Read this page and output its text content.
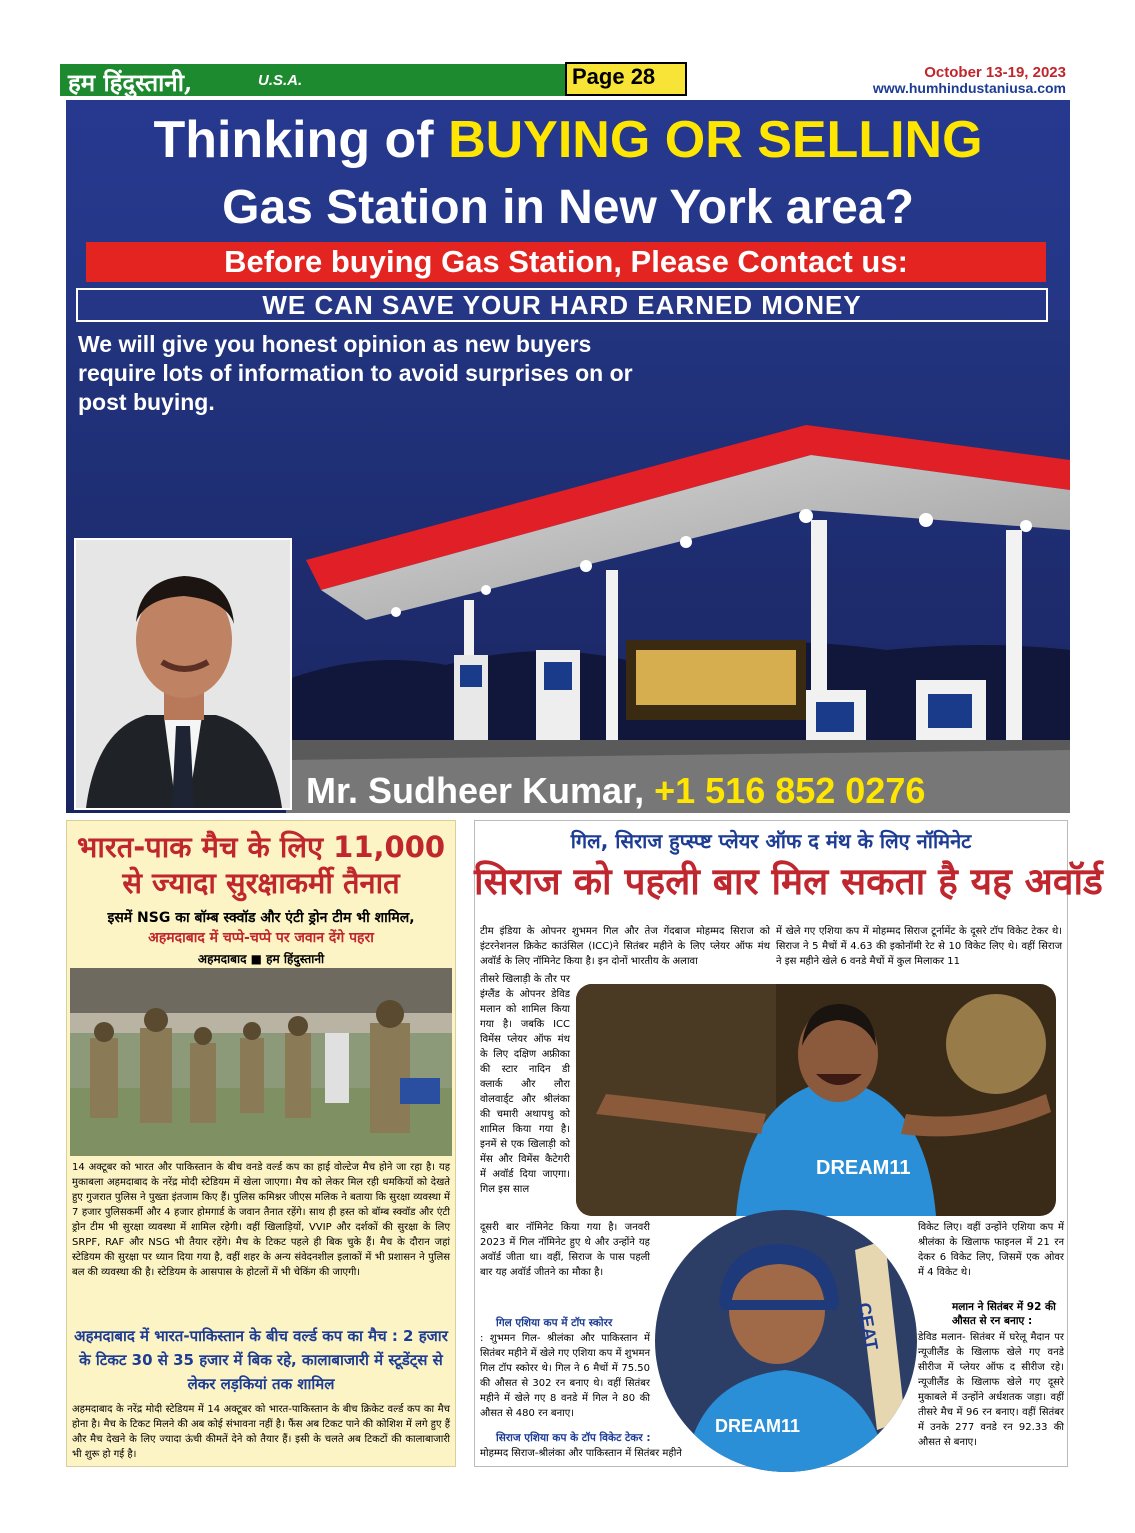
हम हिंदुस्तानी,	U.S.A.	Page 28	October 13-19, 2023
www.humhindustaniusa.com
Thinking of BUYING OR SELLING
Gas Station in New York area?
Before buying Gas Station, Please Contact us:
WE CAN SAVE YOUR HARD EARNED MONEY
We will give you honest opinion as new buyers require lots of information to avoid surprises on or post buying.
Mr. Sudheer Kumar, +1 516 852 0276
भारत-पाक मैच के लिए 11,000
से ज्यादा सुरक्षाकर्मी तैनात
इसमें NSG का बॉम्ब स्क्वॉड और एंटी ड्रोन टीम भी शामिल,
अहमदाबाद में चप्पे-चप्पे पर जवान देंगे पहरा
अहमदाबाद ■ हम हिंदुस्तानी
14 अक्टूबर को भारत और पाकिस्तान के बीच वनडे वर्ल्ड कप का हाई वोल्टेज मैच होने जा रहा है। यह मुकाबला अहमदाबाद के नरेंद्र मोदी स्टेडियम में खेला जाएगा। मैच को लेकर मिल रही धमकियों को देखते हुए गुजरात पुलिस ने पुख्ता इंतजाम किए हैं। पुलिस कमिश्नर जीएस मलिक ने बताया कि सुरक्षा व्यवस्था में 7 हजार पुलिसकर्मी और 4 हजार होमगार्ड के जवान तैनात रहेंगे। साथ ही हस्त को बॉम्ब स्क्वॉड और एंटी ड्रोन टीम भी सुरक्षा व्यवस्था में शामिल रहेगी। वहीं खिलाड़ियों, VVIP और दर्शकों की सुरक्षा के लिए SRPF, RAF और NSG भी तैयार रहेंगे। मैच के टिकट पहले ही बिक चुके हैं। मैच के दौरान जहां स्टेडियम की सुरक्षा पर ध्यान दिया गया है, वहीं शहर के अन्य संवेदनशील इलाकों में भी प्रशासन ने पुलिस बल की व्यवस्था की है। स्टेडियम के आसपास के होटलों में भी चेकिंग की जाएगी।
अहमदाबाद में भारत-पाकिस्तान के बीच वर्ल्ड कप का मैच : 2 हजार के टिकट 30 से 35 हजार में बिक रहे, कालाबाजारी में स्टूडेंट्स से लेकर लड़कियां तक शामिल
अहमदाबाद के नरेंद्र मोदी स्टेडियम में 14 अक्टूबर को भारत-पाकिस्तान के बीच क्रिकेट वर्ल्ड कप का मैच होना है। मैच के टिकट मिलने की अब कोई संभावना नहीं है। फैंस अब टिकट पाने की कोशिश में लगे हुए हैं और मैच देखने के लिए ज्यादा ऊंची कीमतें देने को तैयार हैं। इसी के चलते अब टिकटों की कालाबाजारी भी शुरू हो गई है।
गिल, सिराज हुप्स्प्ष्ट प्लेयर ऑफ द मंथ के लिए नॉमिनेट
सिराज को पहली बार मिल सकता है यह अवॉर्ड
टीम इंडिया के ओपनर शुभमन गिल और तेज गेंदबाज मोहम्मद सिराज को इंटरनेशनल क्रिकेट काउंसिल (ICC)ने सितंबर महीने के लिए प्लेयर ऑफ मंथ अवॉर्ड के लिए नॉमिनेट किया है। इन दोनों भारतीय के अलावा
में खेले गए एशिया कप में मोहम्मद सिराज टूर्नामेंट के दूसरे टॉप विकेट टेकर थे। सिराज ने 5 मैचों में 4.63 की इकोनॉमी रेट से 10 विकेट लिए थे। वहीं सिराज ने इस महीने खेले 6 वनडे मैचों में कुल मिलाकर 11
तीसरे खिलाड़ी के तौर पर इंग्लैंड के ओपनर डेविड मलान को शामिल किया गया है। जबकि ICC विमेंस प्लेयर ऑफ मंथ के लिए दक्षिण अफ्रीका की स्टार नादिन डी क्लार्क और लौरा वोलवार्ड्ट और श्रीलंका की चमारी अथापथु को शामिल किया गया है। इनमें से एक खिलाड़ी को मेंस और विमेंस कैटेगरी में अवॉर्ड दिया जाएगा। गिल इस साल
DREAM11
दूसरी बार नॉमिनेट किया गया है। जनवरी 2023 में गिल नॉमिनेट हुए थे और उन्होंने यह अवॉर्ड जीता था। वहीं, सिराज के पास पहली बार यह अवॉर्ड जीतने का मौका है।
गिल एशिया कप में टॉप स्कोरर
: शुभमन गिल- श्रीलंका और पाकिस्तान में सितंबर महीने में खेले गए एशिया कप में शुभमन गिल टॉप स्कोरर थे। गिल ने 6 मैचों में 75.50 की औसत से 302 रन बनाए थे। वहीं सितंबर महीने में खेले गए 8 वनडे में गिल ने 80 की औसत से 480 रन बनाए।
सिराज एशिया कप के टॉप विकेट टेकर :
मोहम्मद सिराज-श्रीलंका और पाकिस्तान में सितंबर महीने
CEAT
DREAM11
विकेट लिए। वहीं उन्होंने एशिया कप में श्रीलंका के खिलाफ फाइनल में 21 रन देकर 6 विकेट लिए, जिसमें एक ओवर में 4 विकेट थे।
मलान ने सितंबर में 92 की औसत से रन बनाए :
डेविड मलान- सितंबर में घरेलू मैदान पर न्यूजीलैंड के खिलाफ खेले गए वनडे सीरीज में प्लेयर ऑफ द सीरीज रहे। न्यूजीलैंड के खिलाफ खेले गए दूसरे मुकाबले में उन्होंने अर्धशतक जड़ा। वहीं तीसरे मैच में 96 रन बनाए। वहीं सितंबर में उनके 277 वनडे रन 92.33 की औसत से बनाए।
